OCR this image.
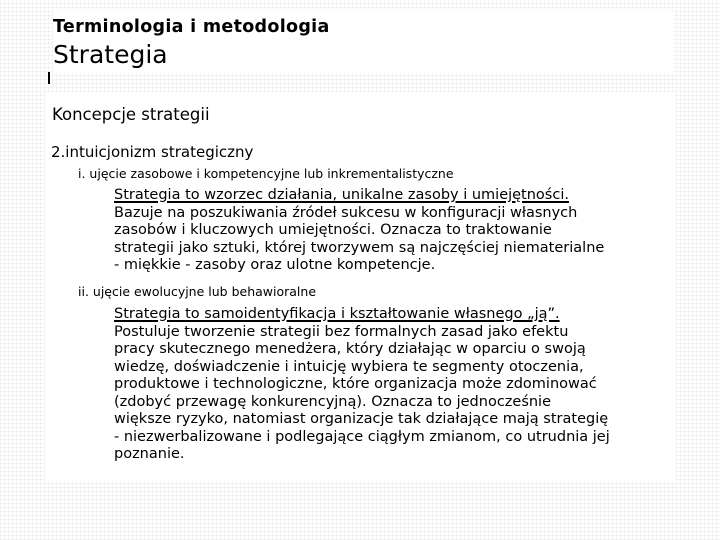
Terminologia i metodologia
Strategia
Koncepcje strategii
2.intuicjonizm strategiczny
i. ujęcie zasobowe i kompetencyjne lub inkrementalistyczne
Strategia to wzorzec działania, unikalne zasoby i umiejętności.
Bazuje na poszukiwania źródeł sukcesu w konfiguracji własnych
zasobów i kluczowych umiejętności. Oznacza to traktowanie
strategii jako sztuki, której tworzywem są najczęściej niematerialne
- miękkie - zasoby oraz ulotne kompetencje.
ii. ujęcie ewolucyjne lub behawioralne
Strategia to samoidentyfikacja i kształtowanie własnego „ją”.
Postuluje tworzenie strategii bez formalnych zasad jako efektu
pracy skutecznego menedżera, który działając w oparciu o swoją
wiedzę, doświadczenie i intuicję wybiera te segmenty otoczenia,
produktowe i technologiczne, które organizacja może zdominować
(zdobyć przewagę konkurencyjną). Oznacza to jednocześnie
większe ryzyko, natomiast organizacje tak działające mają strategię
- niezwerbalizowane i podlegające ciągłym zmianom, co utrudnia jej
poznanie.
